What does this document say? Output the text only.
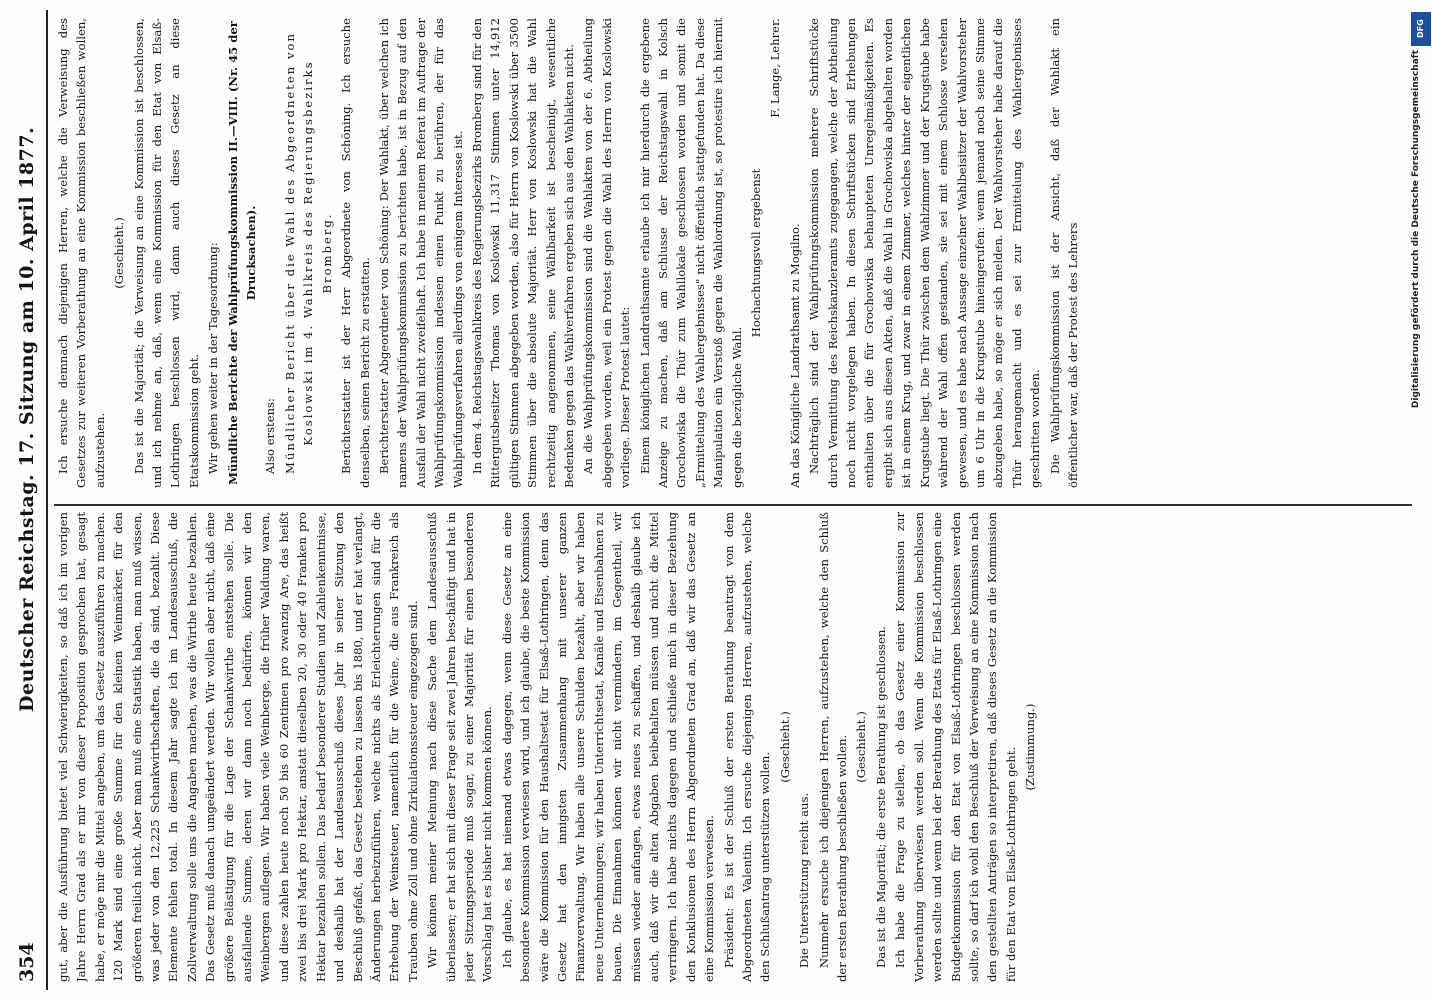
354
Deutscher Reichstag. 17. Sitzung am 10. April 1877.

gut, aber die Ausführung bietet viel Schwierigkeiten, so daß ich im vorigen Jahre Herrn Grad als er mir von dieser Proposition gesprochen hat, gesagt habe, er möge mir die Mittel angeben, um das Gesetz auszuführen zu machen. 120 Mark sind eine große Summe für den kleinen Weinmärker, für den größeren freilich nicht. Aber man muß eine Statistik haben, man muß wissen, was jeder von den 12,225 Schankwirthschaften, die da sind, bezahlt. Diese Elemente fehlen total. In diesem Jahr sagte ich im Landesausschuß, die Zollverwaltung solle uns die Angaben machen, was die Wirthe heute bezahlen. Das Gesetz muß danach umgeändert werden. Wir wollen aber nicht, daß eine größere Belästigung für die Lage der Schankwirthe entstehen solle. Die ausfallende Summe, deren wir dann noch bedürfen, können wir den Weinbergen auflegen. Wir haben viele Weinberge, die früher Waldung waren, und diese zahlen heute noch 50 bis 60 Zentimen pro zwanzig Are, das heißt zwei bis drei Mark pro Hektar, anstatt dieselben 20, 30 oder 40 Franken pro Hektar bezahlen sollen. Das bedarf besonderer Studien und Zahlenkenntnisse, und deshalb hat der Landesausschuß dieses Jahr in seiner Sitzung den Beschluß gefaßt, das Gesetz bestehen zu lassen bis 1880, und er hat verlangt, Änderungen herbeizuführen, welche nichts als Erleichterungen sind für die Erhebung der Weinsteuer, namentlich für die Weine, die aus Frankreich als Trauben ohne Zoll und ohne Zirkulationssteuer eingezogen sind. Wir können meiner Meinung nach diese Sache dem Landesausschuß überlassen; er hat sich mit dieser Frage seit zwei Jahren beschäftigt und hat in jeder Sitzungsperiode muß sogar, zu einer Majorität für einen besonderen Vorschlag hat es bisher nicht kommen können. Ich glaube, es hat niemand etwas dagegen, wenn diese Gesetz an eine besondere Kommission verwiesen wird, und ich glaube, die beste Kommission wäre die Kommission für den Haushaltsetat für Elsaß-Lothringen, denn das Gesetz hat den innigsten Zusammenhang mit unserer ganzen Finanzverwaltung. Wir haben alle unsere Schulden bezahlt, aber wir haben neue Unternehmungen; wir haben Unterrichtsetat, Kanäle und Eisenbahnen zu bauen. Die Einnahmen können wir nicht vermindern, im Gegentheil, wir müssen wieder anfangen, etwas neues zu schaffen, und deshalb glaube ich auch, daß wir die alten Abgaben beibehalten müssen und nicht die Mittel verringern. Ich habe nichts dagegen und schließe mich in dieser Beziehung den Konklusionen des Herrn Abgeordneten Grad an, daß wir das Gesetz an eine Kommission verweisen. Präsident: Es ist der Schluß der ersten Berathung beantragt von dem Abgeordneten Valentin. Ich ersuche diejenigen Herren, aufzustehen, welche den Schlußantrag unterstützen wollen.

(Geschieht.)

Die Unterstützung reicht aus. Nunmehr ersuche ich diejenigen Herren, aufzustehen, welche den Schluß der ersten Berathung beschließen wollen. (Geschieht.) Das ist die Majorität; die erste Berathung ist geschlossen. Ich habe die Frage zu stellen, ob das Gesetz einer Kommission zur Vorberathung überwiesen werden soll. Wenn die Kommission beschlossen werden sollte und wenn bei der Berathung des Etats für Elsaß-Lothringen eine Budgetkommission für den Etat von Elsaß-Lothringen beschlossen werden sollte, so darf ich wohl den Beschluß der Verweisung an eine Kommission nach den gestellten Anträgen so interpretiren, daß dieses Gesetz an die Kommission für den Etat von Elsaß-Lothringen geht. (Zustimmung.)

Ich ersuche demnach diejenigen Herren, welche die Verweisung des Gesetzes zur weiteren Vorberathung an eine Kommission beschließen wollen, aufzustehen.

(Geschieht.) Das ist die Majorität; die Verweisung an eine Kommission ist beschlossen, und ich nehme an, daß, wenn eine Kommission für den Etat von Elsaß-Lothringen beschlossen wird, dann auch dieses Gesetz an diese Etatskommission geht. Wir gehen weiter in der Tagesordnung: Mündliche Berichte der Wahlprüfungskommission II.—VIII. (Nr. 45 der Drucksachen).

Also erstens: Mündlicher Bericht über die Wahl des Abgeordneten von Koslowski im 4. Wahlkreis des Regierungsbezirks Bromberg. Berichterstatter ist der Herr Abgeordnete von Schöning. Ich ersuche denselben, seinen Bericht zu erstatten. Berichterstatter Abgeordneter von Schöning: Der Wahlakt, über welchen ich namens der Wahlprüfungskommission zu berichten habe, ist in Bezug auf den Ausfall der Wahl nicht zweifelhaft. Ich habe in meinem Referat im Auftrage der Wahlprüfungskommission indessen einen Punkt zu berühren, der für das Wahlprüfungsverfahren allerdings von einigem Interesse ist. In dem 4. Reichstagswahlkreis des Regierungsbezirks Bromberg sind für den Rittergutsbesitzer Thomas von Koslowski 11,317 Stimmen unter 14,912 gültigen Stimmen abgegeben worden, also für Herrn von Koslowski über 3500 Stimmen über die absolute Majorität. Herr von Koslowski hat die Wahl rechtzeitig angenommen, seine Wählbarkeit ist bescheinigt, wesentliche Bedenken gegen das Wahlverfahren ergeben sich aus den Wahlakten nicht. An die Wahlprüfungskommission sind die Wahlakten von der 6. Abtheilung abgegeben worden, weil ein Protest gegen die Wahl des Herrn von Koslowski vorliege. Dieser Protest lautet: Einem königlichen Landrathsamte erlaube ich mir hierdurch die ergebene Anzeige zu machen, daß am Schlusse der Reichstagswahl in Kolsch Grochowiska die Thür zum Wahllokale geschlossen worden und somit die „Ermittelung des Wahlergebnisses" nicht öffentlich stattgefunden hat. Da diese Manipulation ein Verstoß gegen die Wahlordnung ist, so protestire ich hiermit gegen die bezügliche Wahl.

Hochachtungsvoll ergebenst

F. Lange, Lehrer.

An das Königliche Landrathsamt zu Mogilno. Nachträglich sind der Wahlprüfungskommission mehrere Schriftstücke durch Vermittlung des Reichskanzleramts zugegangen, welche der Abtheilung noch nicht vorgelegen haben. In diesen Schriftstücken sind Erhebungen enthalten über die für Grochowiska behaupteten Unregelmäßigkeiten. Es ergibt sich aus diesen Akten, daß die Wahl in Grochowiska abgehalten worden ist in einem Krug, und zwar in einem Zimmer, welches hinter der eigentlichen Krugstube liegt. Die Thür zwischen dem Wahlzimmer und der Krugstube habe während der Wahl offen gestanden, sie sei mit einem Schlosse versehen gewesen, und es habe nach Aussage einzelner Wahlbeisitzer der Wahlvorsteher um 6 Uhr in die Krugstube hineingerufen: wenn jemand noch seine Stimme abzugeben habe, so möge er sich melden. Der Wahlvorsteher habe darauf die Thür herangemacht und es sei zur Ermittelung des Wahlergebnisses geschritten worden. Die Wahlprüfungskommission ist der Ansicht, daß der Wahlakt ein öffentlicher war, daß der Protest des Lehrers

DFG
Digitalisierung gefördert durch die Deutsche Forschungsgemeinschaft
